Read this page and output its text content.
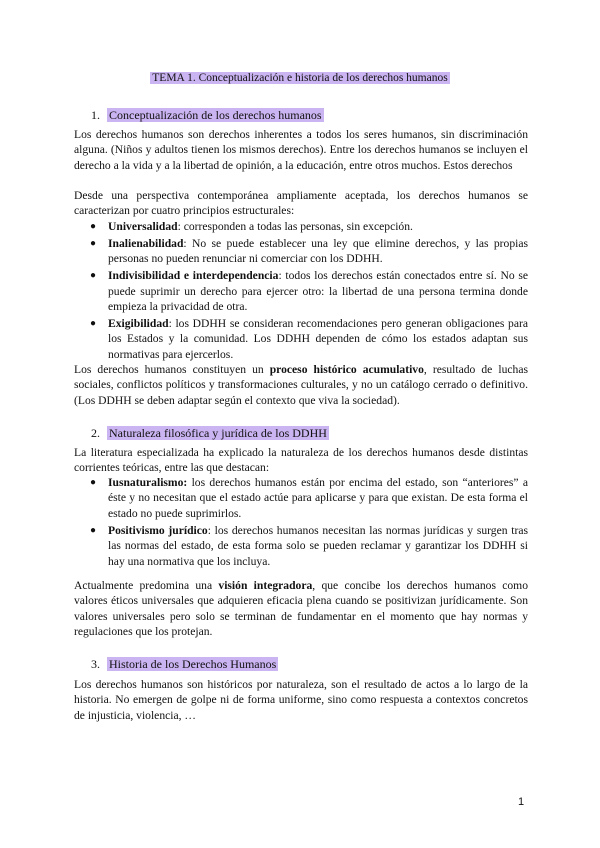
TEMA 1. Conceptualización e historia de los derechos humanos
1. Conceptualización de los derechos humanos

Los derechos humanos son derechos inherentes a todos los seres humanos, sin discriminación alguna. (Niños y adultos tienen los mismos derechos). Entre los derechos humanos se incluyen el derecho a la vida y a la libertad de opinión, a la educación, entre otros muchos. Estos derechos

Desde una perspectiva contemporánea ampliamente aceptada, los derechos humanos se caracterizan por cuatro principios estructurales:

● Universalidad: corresponden a todas las personas, sin excepción.
● Inalienabilidad: No se puede establecer una ley que elimine derechos, y las propias personas no pueden renunciar ni comerciar con los DDHH.
● Indivisibilidad e interdependencia: todos los derechos están conectados entre sí. No se puede suprimir un derecho para ejercer otro: la libertad de una persona termina donde empieza la privacidad de otra.
● Exigibilidad: los DDHH se consideran recomendaciones pero generan obligaciones para los Estados y la comunidad. Los DDHH dependen de cómo los estados adaptan sus normativas para ejercerlos.

Los derechos humanos constituyen un proceso histórico acumulativo, resultado de luchas sociales, conflictos políticos y transformaciones culturales, y no un catálogo cerrado o definitivo. (Los DDHH se deben adaptar según el contexto que viva la sociedad).

2. Naturaleza filosófica y jurídica de los DDHH

La literatura especializada ha explicado la naturaleza de los derechos humanos desde distintas corrientes teóricas, entre las que destacan:

● Iusnaturalismo: los derechos humanos están por encima del estado, son “anteriores” a éste y no necesitan que el estado actúe para aplicarse y para que existan. De esta forma el estado no puede suprimirlos.
● Positivismo jurídico: los derechos humanos necesitan las normas jurídicas y surgen tras las normas del estado, de esta forma solo se pueden reclamar y garantizar los DDHH si hay una normativa que los incluya.

Actualmente predomina una visión integradora, que concibe los derechos humanos como valores éticos universales que adquieren eficacia plena cuando se positivizan jurídicamente. Son valores universales pero solo se terminan de fundamentar en el momento que hay normas y regulaciones que los protejan.

3. Historia de los Derechos Humanos

Los derechos humanos son históricos por naturaleza, son el resultado de actos a lo largo de la historia. No emergen de golpe ni de forma uniforme, sino como respuesta a contextos concretos de injusticia, violencia, …

1
